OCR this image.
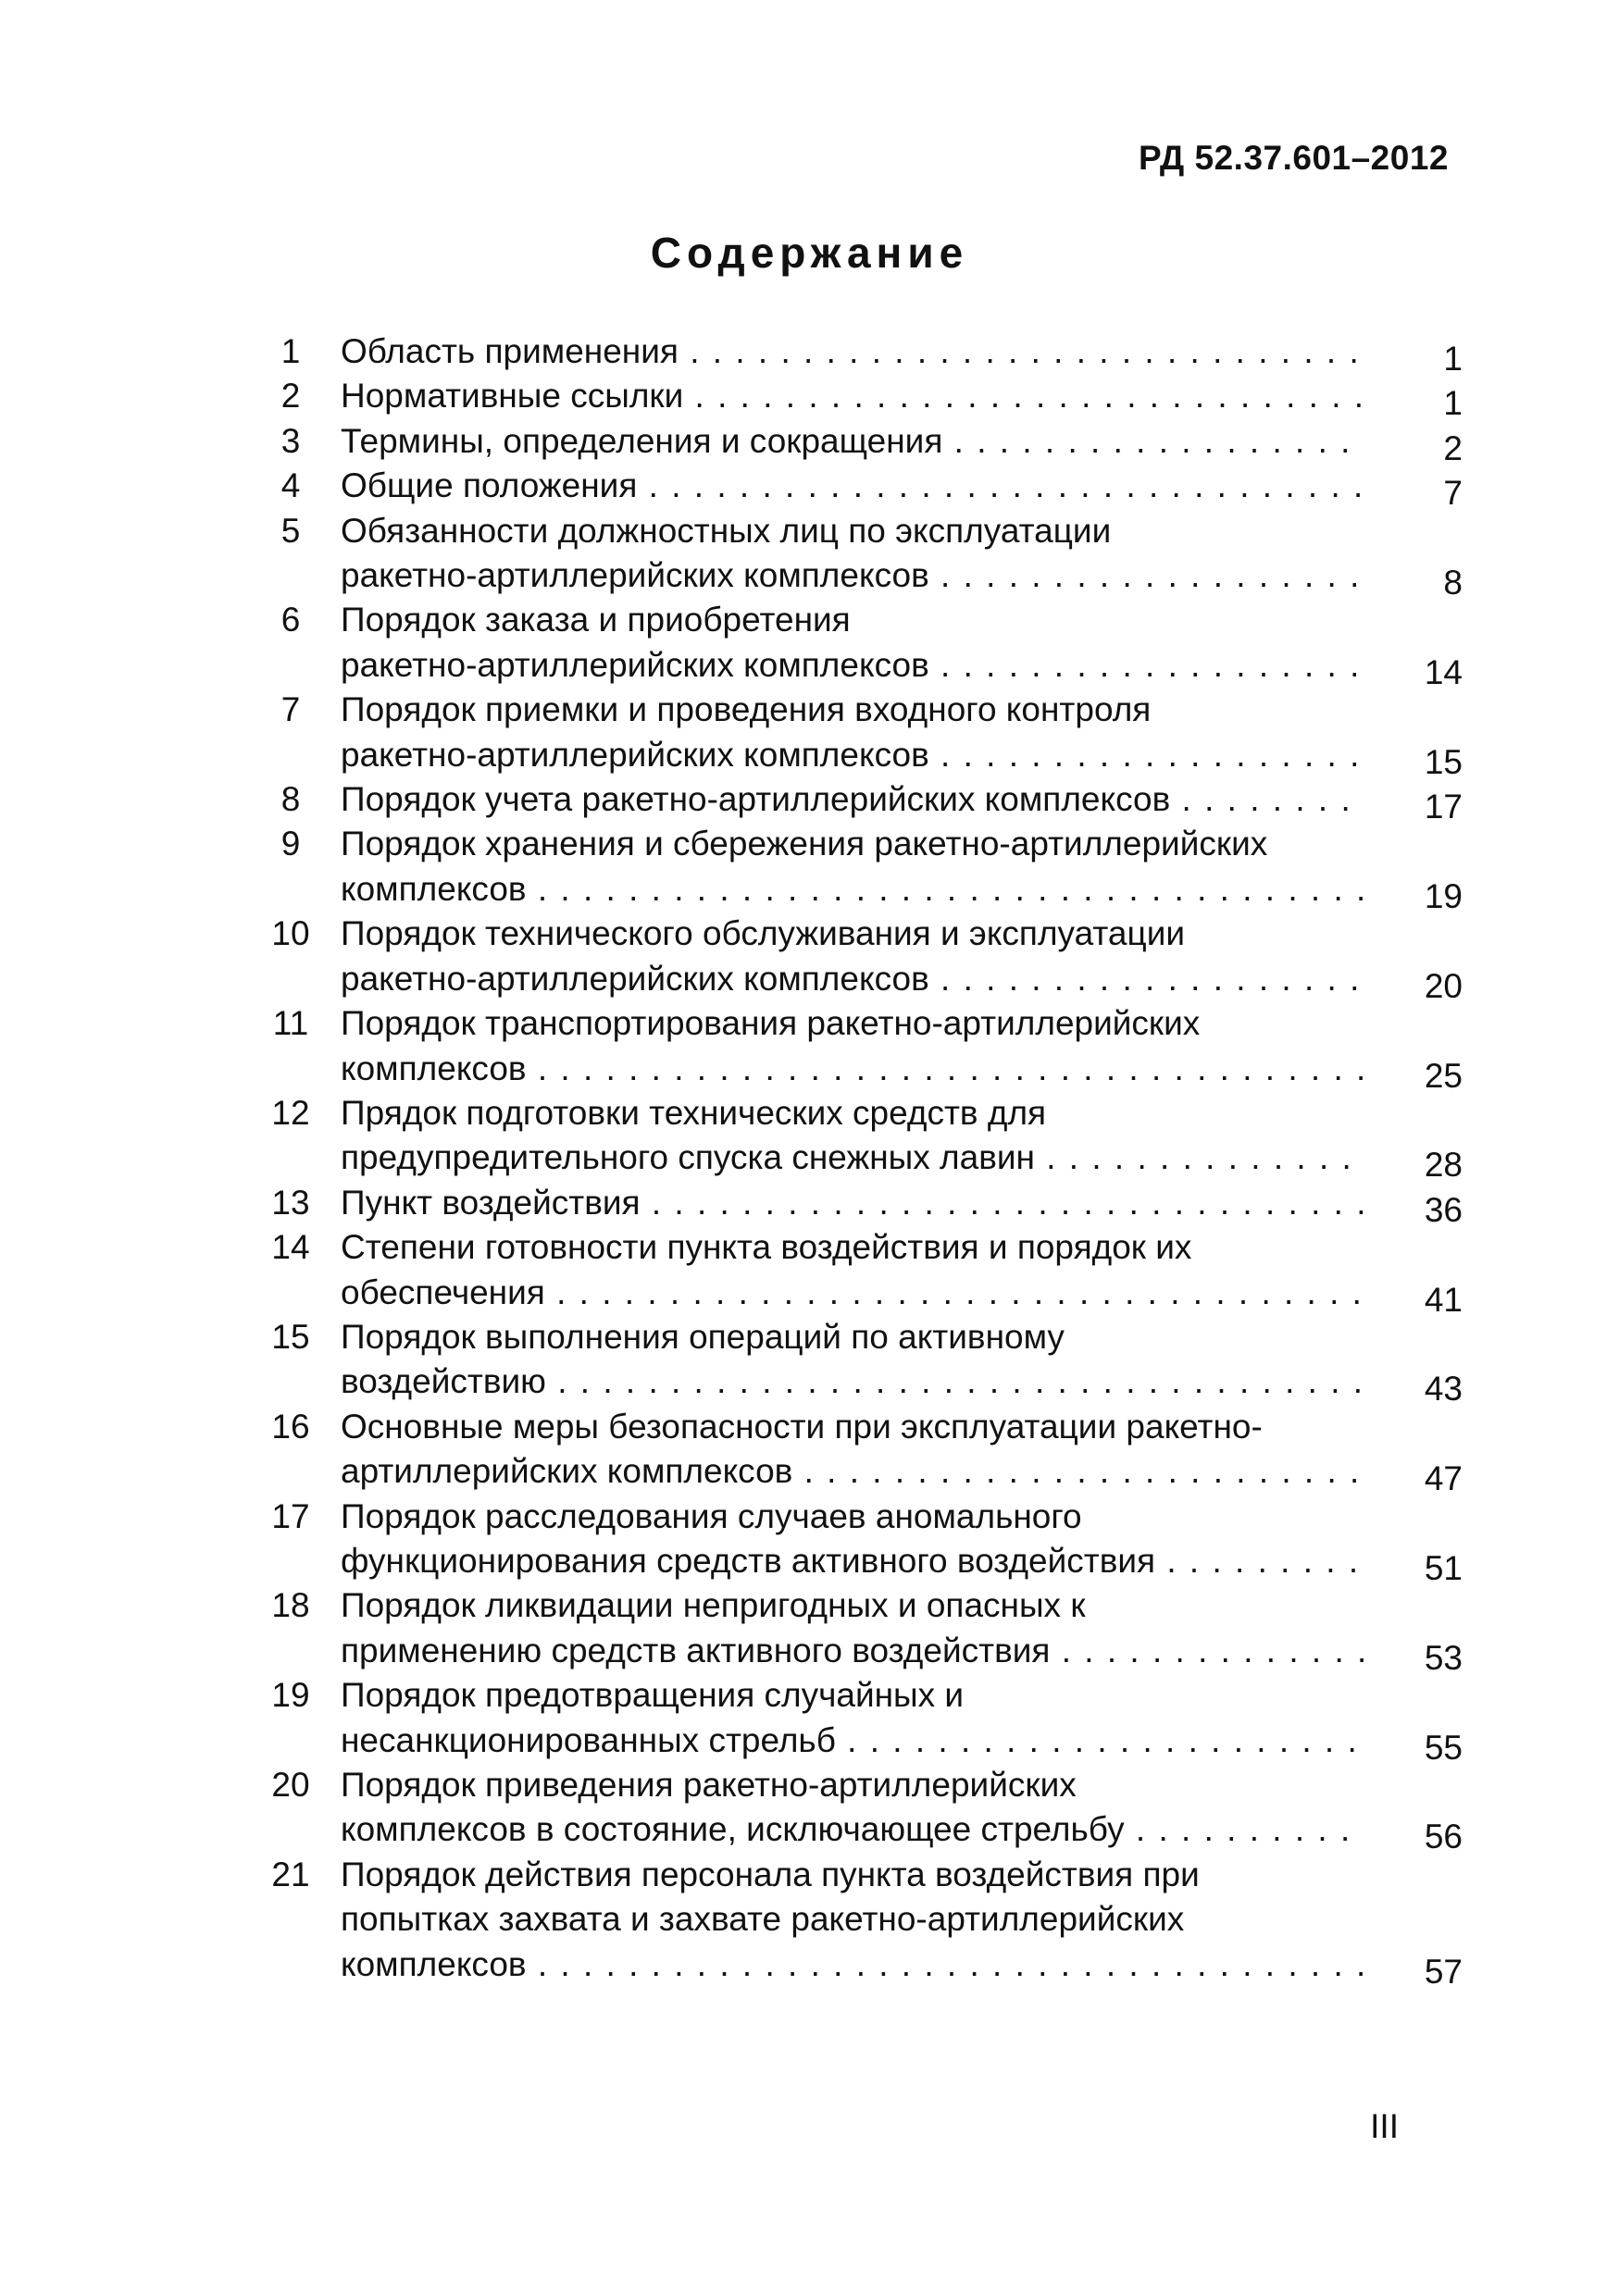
РД 52.37.601–2012
Содержание
1	Область применения . . .	1
2	Нормативные ссылки . . .	1
3	Термины, определения и сокращения . . .	2
4	Общие положения . . .	7
5	Обязанности должностных лиц по эксплуатации
ракетно-артиллерийских комплексов . . .	8
6	Порядок заказа и приобретения
ракетно-артиллерийских комплексов . . .	14
7	Порядок приемки и проведения входного контроля
ракетно-артиллерийских комплексов . . .	15
8	Порядок учета ракетно-артиллерийских комплексов . . .	17
9	Порядок хранения и сбережения ракетно-артиллерийских
комплексов . . .	19
10 Порядок технического обслуживания и эксплуатации
ракетно-артиллерийских комплексов . . .	20
11 Порядок транспортирования ракетно-артиллерийских
комплексов . . .	25
12 Прядок подготовки технических средств для
предупредительного спуска снежных лавин . . .	28
13 Пункт воздействия . . .	36
14 Степени готовности пункта воздействия и порядок их
обеспечения . . .	41
15 Порядок выполнения операций по активному
воздействию . . .	43
16 Основные меры безопасности при эксплуатации ракетно-
артиллерийских комплексов . . .	47
17 Порядок расследования случаев аномального
функционирования средств активного воздействия . . .	51
18 Порядок ликвидации непригодных и опасных к
применению средств активного воздействия . . .	53
19 Порядок предотвращения случайных и
несанкционированных стрельб . . .	55
20 Порядок приведения ракетно-артиллерийских
комплексов в состояние, исключающее стрельбу . . .	56
21 Порядок действия персонала пункта воздействия при
попытках захвата и захвате ракетно-артиллерийских
комплексов . . .	57
III
